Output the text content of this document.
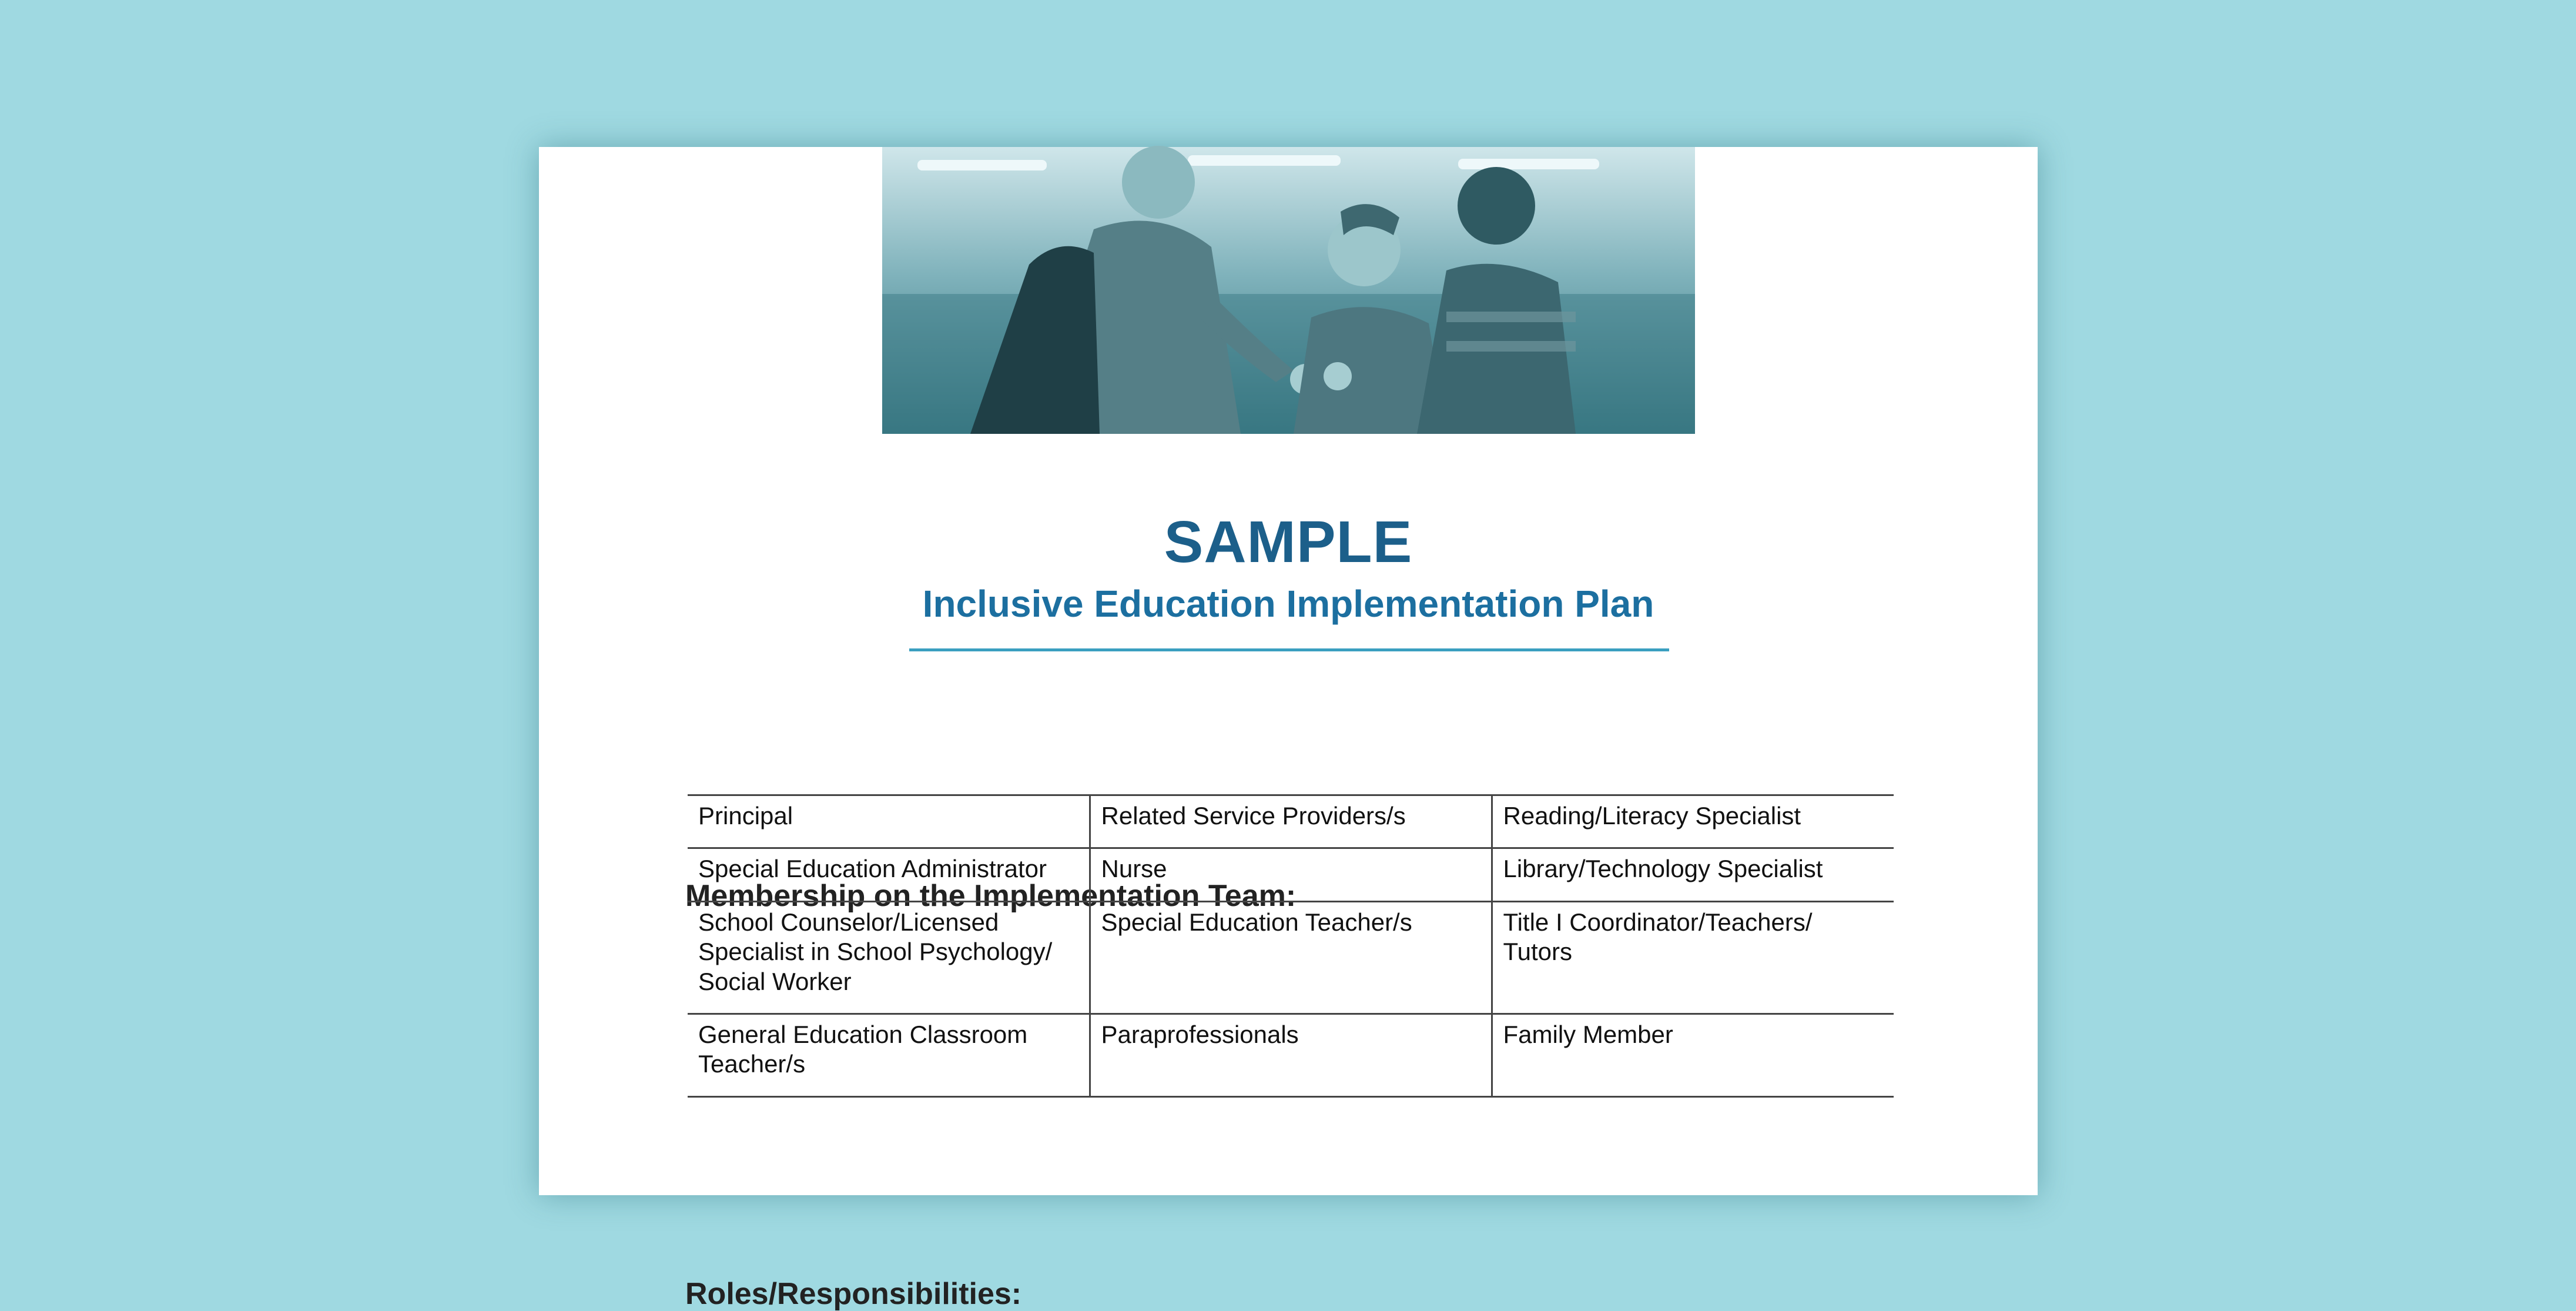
SAMPLE
Inclusive Education Implementation Plan
Membership on the Implementation Team:
Principal	Related Service Providers/s	Reading/Literacy Specialist
Special Education Administrator	Nurse	Library/Technology Specialist
School Counselor/Licensed Specialist in School Psychology/ Social Worker	Special Education Teacher/s	Title I Coordinator/Teachers/ Tutors
General Education Classroom Teacher/s	Paraprofessionals	Family Member
Roles/Responsibilities:
